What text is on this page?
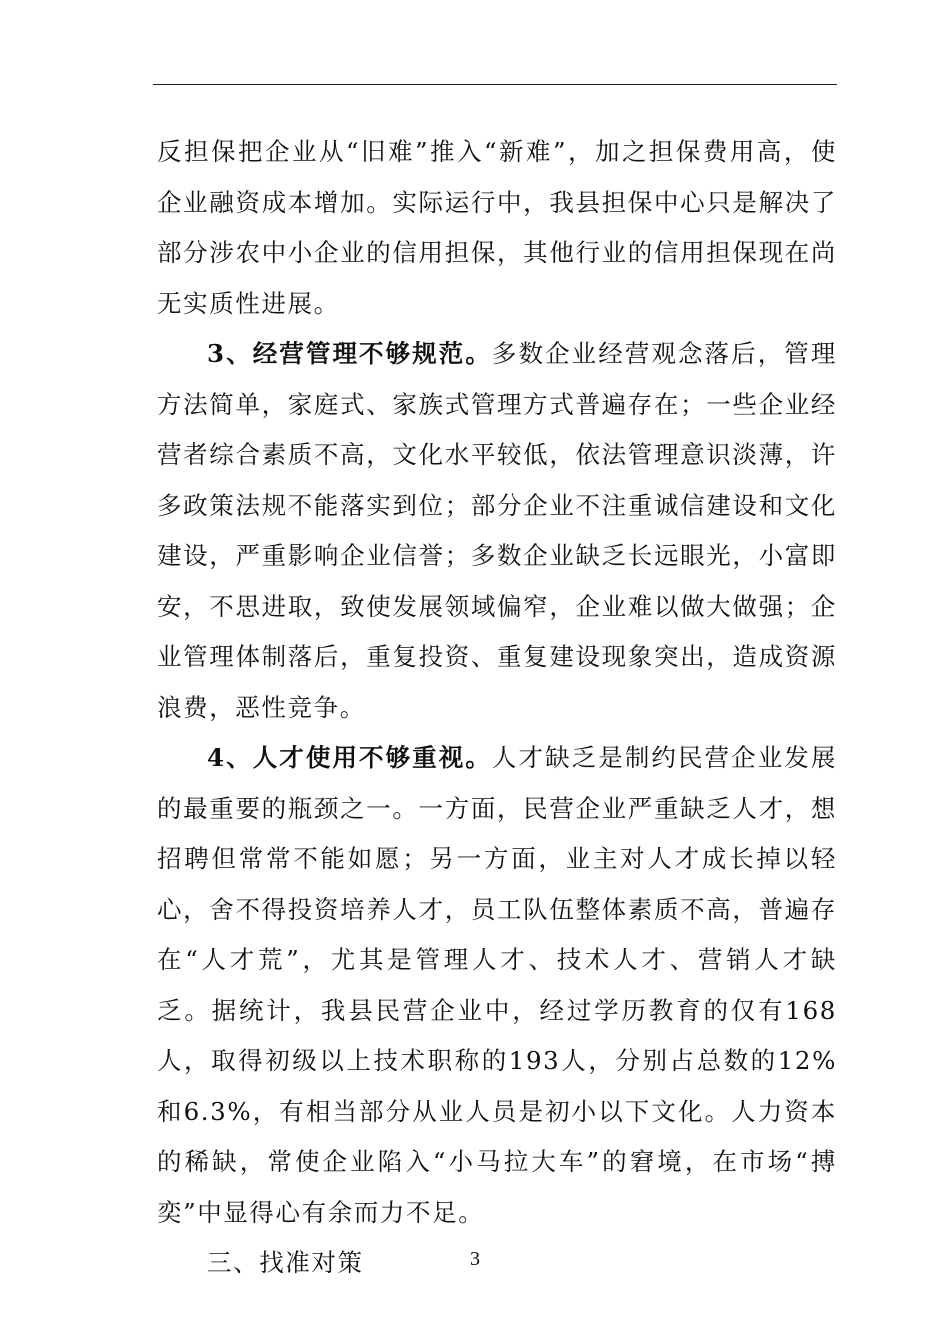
反担保把企业从“旧难”推入“新难”，加之担保费用高，使企业融资成本增加。实际运行中，我县担保中心只是解决了部分涉农中小企业的信用担保，其他行业的信用担保现在尚无实质性进展。

3、经营管理不够规范。多数企业经营观念落后，管理方法简单，家庭式、家族式管理方式普遍存在；一些企业经营者综合素质不高，文化水平较低，依法管理意识淡薄，许多政策法规不能落实到位；部分企业不注重诚信建设和文化建设，严重影响企业信誉；多数企业缺乏长远眼光，小富即安，不思进取，致使发展领域偏窄，企业难以做大做强；企业管理体制落后，重复投资、重复建设现象突出，造成资源浪费，恶性竞争。

4、人才使用不够重视。人才缺乏是制约民营企业发展的最重要的瓶颈之一。一方面，民营企业严重缺乏人才，想招聘但常常不能如愿；另一方面，业主对人才成长掉以轻心，舍不得投资培养人才，员工队伍整体素质不高，普遍存在“人才荒”，尤其是管理人才、技术人才、营销人才缺乏。据统计，我县民营企业中，经过学历教育的仅有168人，取得初级以上技术职称的193人，分别占总数的12%和6.3%，有相当部分从业人员是初小以下文化。人力资本的稀缺，常使企业陷入“小马拉大车”的窘境，在市场“搏奕”中显得心有余而力不足。

三、找准对策	3
